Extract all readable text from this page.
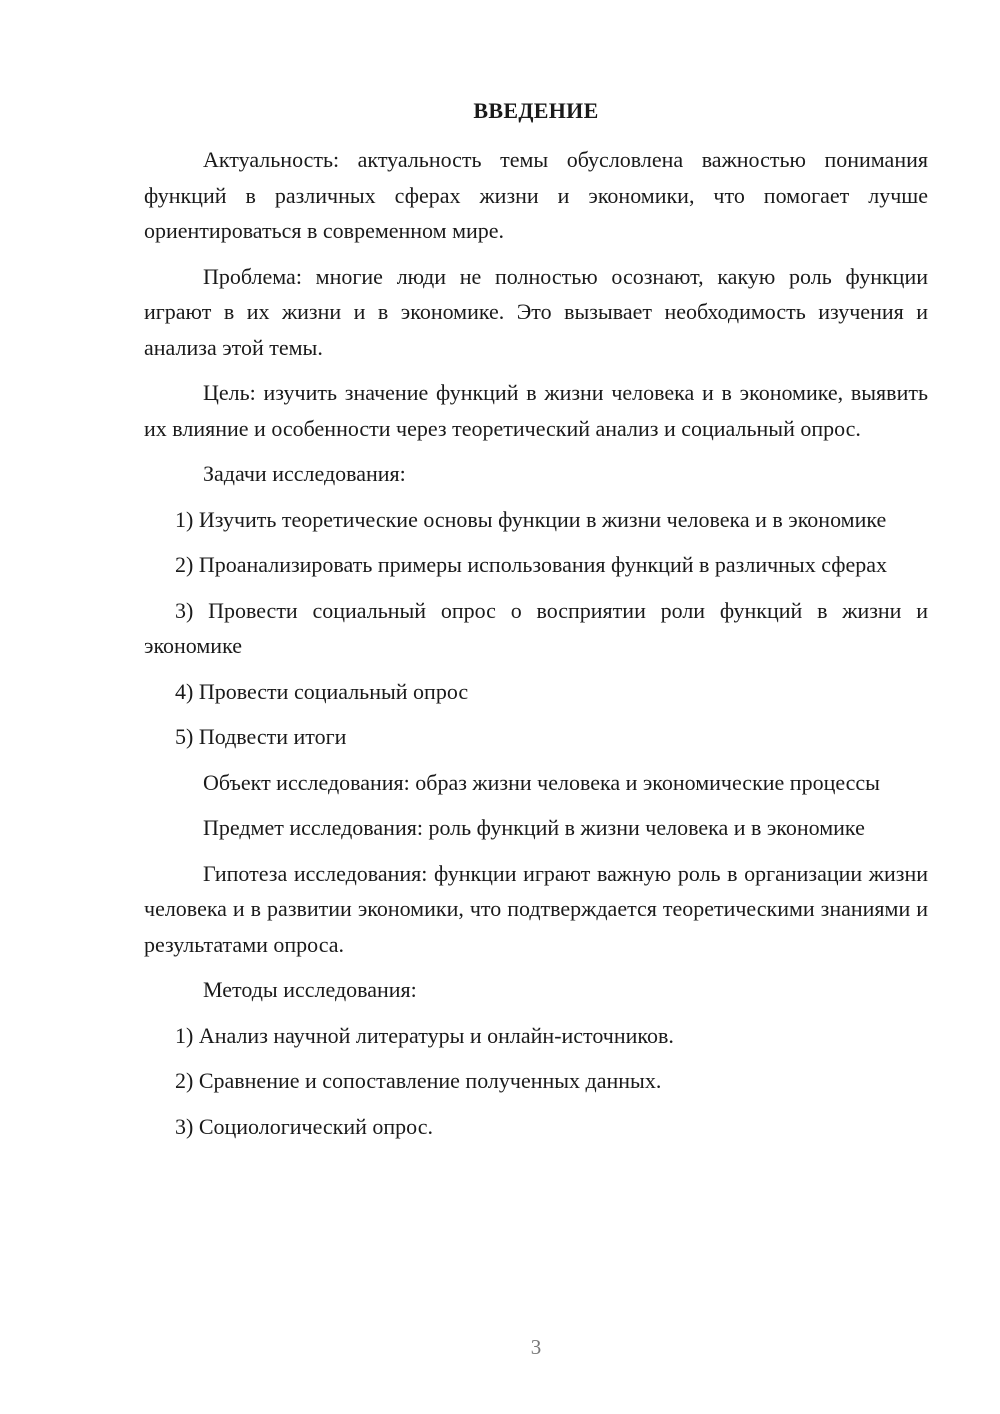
ВВЕДЕНИЕ

Актуальность: актуальность темы обусловлена важностью понимания функций в различных сферах жизни и экономики, что помогает лучше ориентироваться в современном мире.

Проблема: многие люди не полностью осознают, какую роль функции играют в их жизни и в экономике. Это вызывает необходимость изучения и анализа этой темы.

Цель: изучить значение функций в жизни человека и в экономике, выявить их влияние и особенности через теоретический анализ и социальный опрос.

Задачи исследования:

1) Изучить теоретические основы функции в жизни человека и в экономике

2) Проанализировать примеры использования функций в различных сферах

3) Провести социальный опрос о восприятии роли функций в жизни и экономике

4) Провести социальный опрос

5) Подвести итоги

Объект исследования: образ жизни человека и экономические процессы

Предмет исследования: роль функций в жизни человека и в экономике

Гипотеза исследования: функции играют важную роль в организации жизни человека и в развитии экономики, что подтверждается теоретическими знаниями и результатами опроса.

Методы исследования:

1) Анализ научной литературы и онлайн-источников.

2) Сравнение и сопоставление полученных данных.

3) Социологический опрос.

3
